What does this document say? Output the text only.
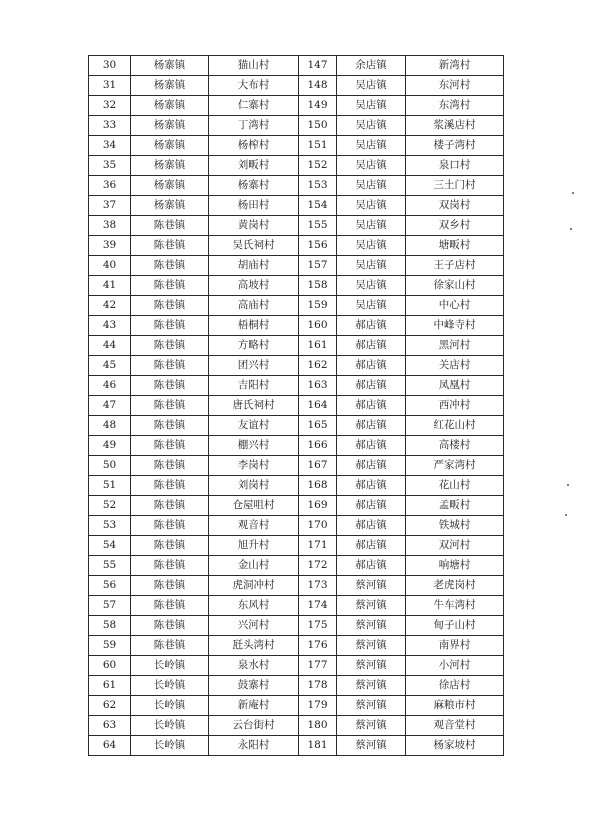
30	杨寨镇	猫山村	147	余店镇	新湾村
31	杨寨镇	大布村	148	吴店镇	东河村
32	杨寨镇	仁寨村	149	吴店镇	东湾村
33	杨寨镇	丁湾村	150	吴店镇	浆溪店村
34	杨寨镇	杨榨村	151	吴店镇	楼子湾村
35	杨寨镇	刘畈村	152	吴店镇	泉口村
36	杨寨镇	杨寨村	153	吴店镇	三土门村
37	杨寨镇	杨田村	154	吴店镇	双岗村
38	陈巷镇	黄岗村	155	吴店镇	双乡村
39	陈巷镇	吴氏祠村	156	吴店镇	塘畈村
40	陈巷镇	胡庙村	157	吴店镇	王子店村
41	陈巷镇	高坡村	158	吴店镇	徐家山村
42	陈巷镇	高庙村	159	吴店镇	中心村
43	陈巷镇	梧桐村	160	郝店镇	中峰寺村
44	陈巷镇	方略村	161	郝店镇	黑河村
45	陈巷镇	团兴村	162	郝店镇	关店村
46	陈巷镇	吉阳村	163	郝店镇	凤凰村
47	陈巷镇	唐氏祠村	164	郝店镇	西冲村
48	陈巷镇	友谊村	165	郝店镇	红花山村
49	陈巷镇	棚兴村	166	郝店镇	高楼村
50	陈巷镇	李岗村	167	郝店镇	严家湾村
51	陈巷镇	刘岗村	168	郝店镇	花山村
52	陈巷镇	仓屋咀村	169	郝店镇	孟畈村
53	陈巷镇	观音村	170	郝店镇	铁城村
54	陈巷镇	旭升村	171	郝店镇	双河村
55	陈巷镇	金山村	172	郝店镇	响塘村
56	陈巷镇	虎洞冲村	173	蔡河镇	老虎岗村
57	陈巷镇	东风村	174	蔡河镇	牛车湾村
58	陈巷镇	兴河村	175	蔡河镇	甸子山村
59	陈巷镇	瓩头湾村	176	蔡河镇	南界村
60	长岭镇	泉水村	177	蔡河镇	小河村
61	长岭镇	鼓寨村	178	蔡河镇	徐店村
62	长岭镇	新庵村	179	蔡河镇	麻粮市村
63	长岭镇	云台街村	180	蔡河镇	观音堂村
64	长岭镇	永阳村	181	蔡河镇	杨家坡村
